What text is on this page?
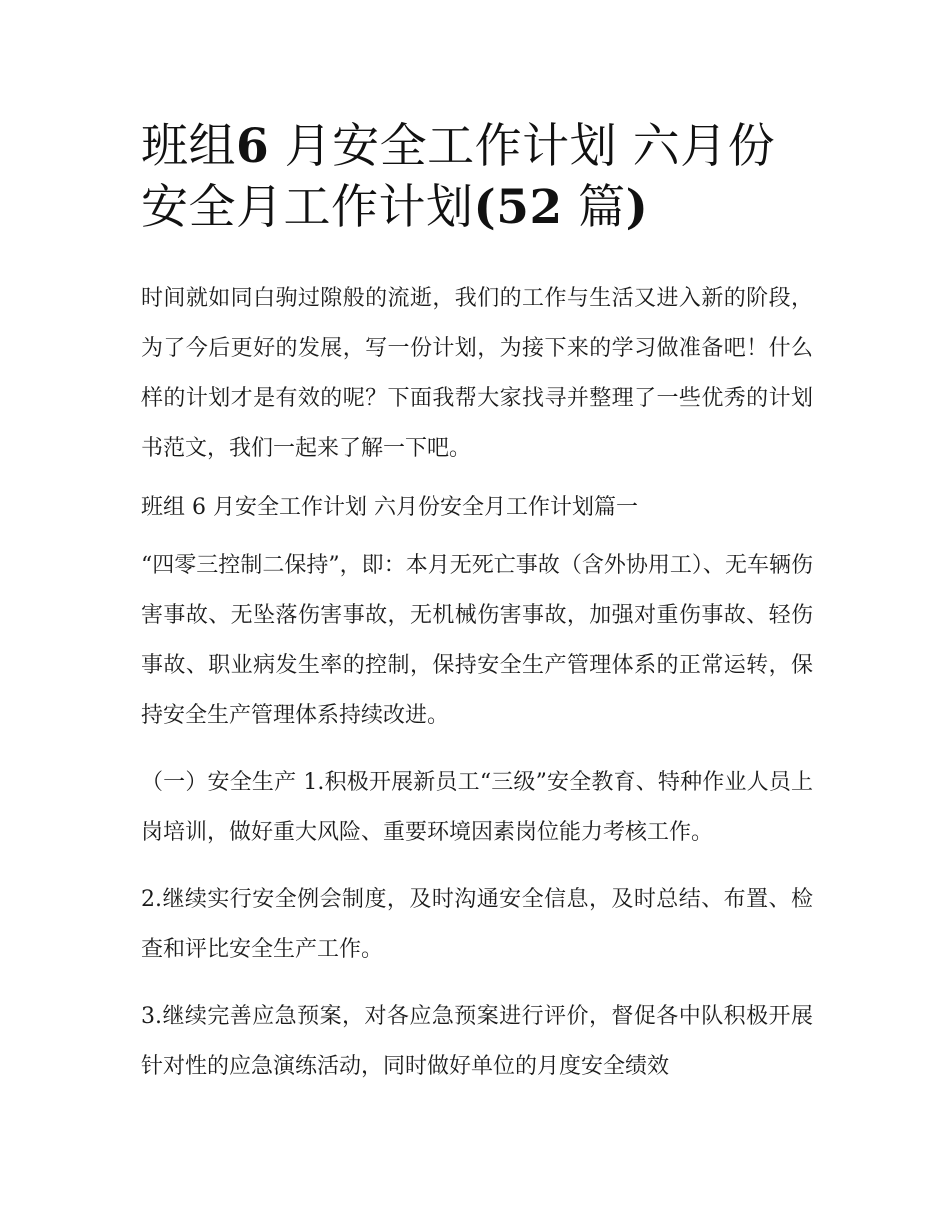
班组6 月安全工作计划 六月份
安全月工作计划(52 篇)

时间就如同白驹过隙般的流逝，我们的工作与生活又进入新的阶段，为了今后更好的发展，写一份计划，为接下来的学习做准备吧！什么样的计划才是有效的呢？下面我帮大家找寻并整理了一些优秀的计划书范文，我们一起来了解一下吧。

班组 6 月安全工作计划 六月份安全月工作计划篇一

“四零三控制二保持”，即：本月无死亡事故（含外协用工）、无车辆伤害事故、无坠落伤害事故，无机械伤害事故，加强对重伤事故、轻伤事故、职业病发生率的控制，保持安全生产管理体系的正常运转，保持安全生产管理体系持续改进。

（一）安全生产 1.积极开展新员工“三级”安全教育、特种作业人员上岗培训，做好重大风险、重要环境因素岗位能力考核工作。

2.继续实行安全例会制度，及时沟通安全信息，及时总结、布置、检查和评比安全生产工作。

3.继续完善应急预案，对各应急预案进行评价，督促各中队积极开展针对性的应急演练活动，同时做好单位的月度安全绩效
